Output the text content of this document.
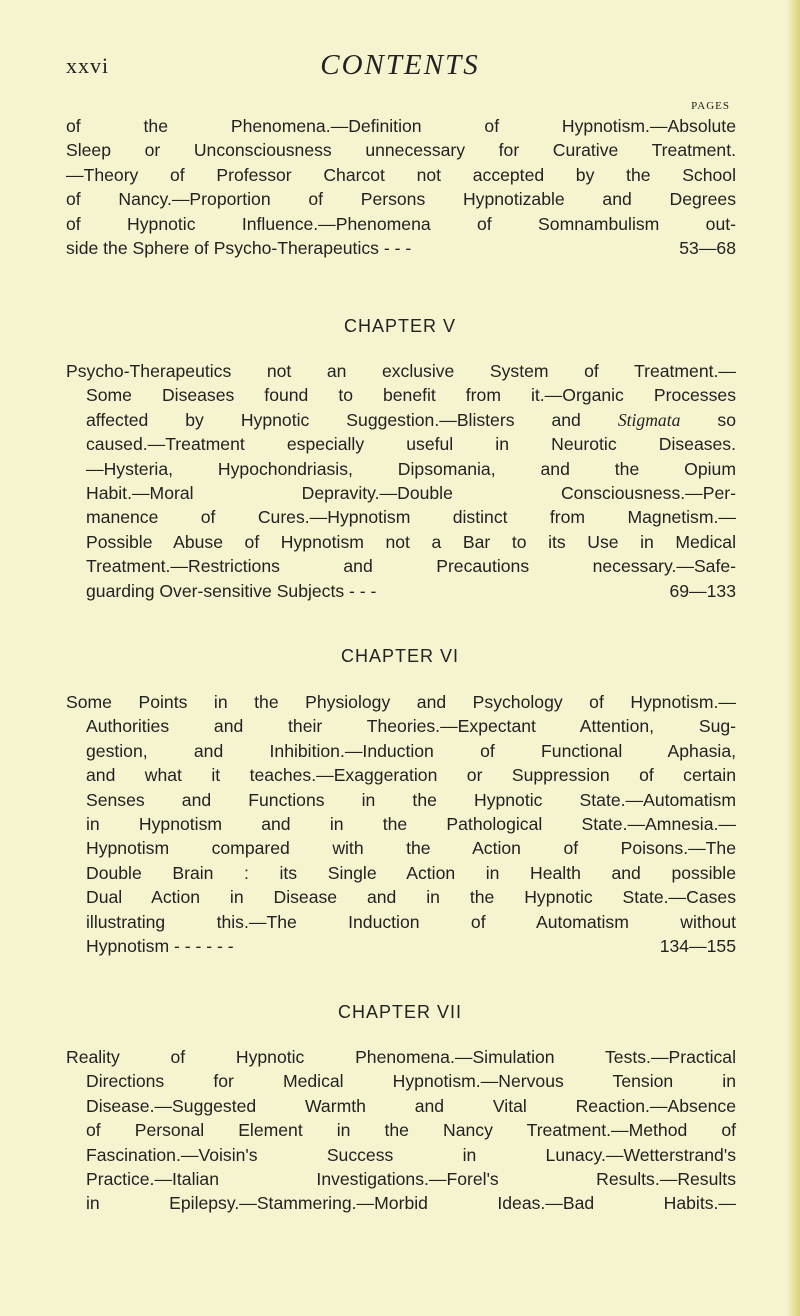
xxvi	CONTENTS
PAGES
of the Phenomena.—Definition of Hypnotism.—Absolute
Sleep or Unconsciousness unnecessary for Curative Treatment.
—Theory of Professor Charcot not accepted by the School
of Nancy.—Proportion of Persons Hypnotizable and Degrees
of Hypnotic Influence.—Phenomena of Somnambulism out-
side the Sphere of Psycho-Therapeutics - - -	53—68
CHAPTER V
Psycho-Therapeutics not an exclusive System of Treatment.—
Some Diseases found to benefit from it.—Organic Processes
affected by Hypnotic Suggestion.—Blisters and Stigmata so
caused.—Treatment especially useful in Neurotic Diseases.
—Hysteria, Hypochondriasis, Dipsomania, and the Opium
Habit.—Moral Depravity.—Double Consciousness.—Per-
manence of Cures.—Hypnotism distinct from Magnetism.—
Possible Abuse of Hypnotism not a Bar to its Use in Medical
Treatment.—Restrictions and Precautions necessary.—Safe-
guarding Over-sensitive Subjects - - -	69—133
CHAPTER VI
Some Points in the Physiology and Psychology of Hypnotism.—
Authorities and their Theories.—Expectant Attention, Sug-
gestion, and Inhibition.—Induction of Functional Aphasia,
and what it teaches.—Exaggeration or Suppression of certain
Senses and Functions in the Hypnotic State.—Automatism
in Hypnotism and in the Pathological State.—Amnesia.—
Hypnotism compared with the Action of Poisons.—The
Double Brain : its Single Action in Health and possible
Dual Action in Disease and in the Hypnotic State.—Cases
illustrating this.—The Induction of Automatism without
Hypnotism - - - - - -	134—155
CHAPTER VII
Reality of Hypnotic Phenomena.—Simulation Tests.—Practical
Directions for Medical Hypnotism.—Nervous Tension in
Disease.—Suggested Warmth and Vital Reaction.—Absence
of Personal Element in the Nancy Treatment.—Method of
Fascination.—Voisin's Success in Lunacy.—Wetterstrand's
Practice.—Italian Investigations.—Forel's Results.—Results
in Epilepsy.—Stammering.—Morbid Ideas.—Bad Habits.—
